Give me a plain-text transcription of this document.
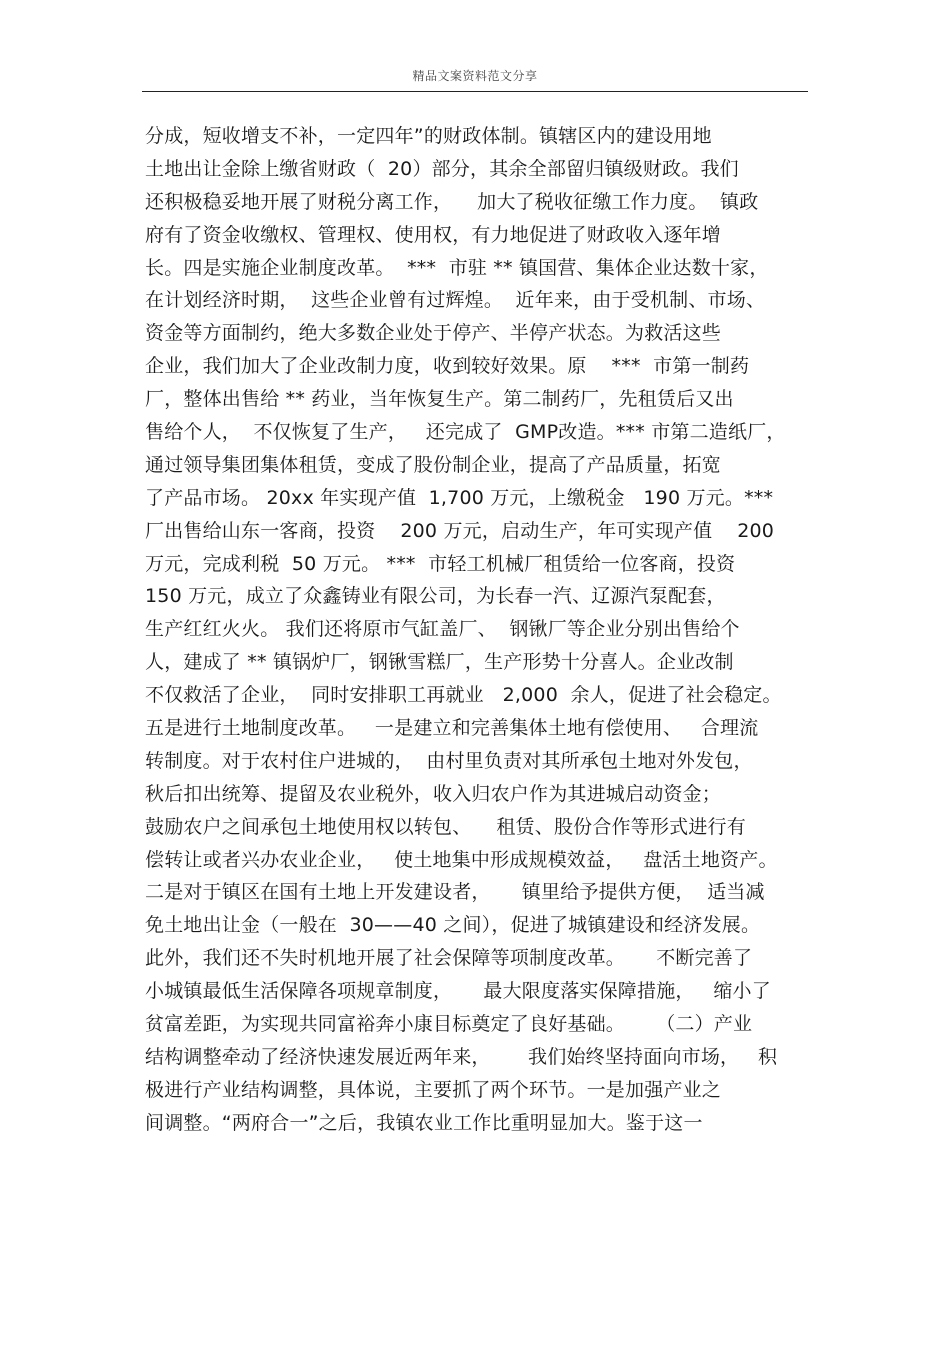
精品文案资料范文分享
分成，短收增支不补，一定四年”的财政体制。镇辖区内的建设用地
土地出让金除上缴省财政（  20）部分，其余全部留归镇级财政。我们
还积极稳妥地开展了财税分离工作，    加大了税收征缴工作力度。  镇政
府有了资金收缴权、管理权、使用权，有力地促进了财政收入逐年增
长。四是实施企业制度改革。  ***  市驻 ** 镇国营、集体企业达数十家，
在计划经济时期，  这些企业曾有过辉煌。  近年来，由于受机制、市场、
资金等方面制约，绝大多数企业处于停产、半停产状态。为救活这些
企业，我们加大了企业改制力度，收到较好效果。原    ***  市第一制药
厂，整体出售给 ** 药业，当年恢复生产。第二制药厂，先租赁后又出
售给个人，  不仅恢复了生产，   还完成了  GMP改造。*** 市第二造纸厂，
通过领导集团集体租赁，变成了股份制企业，提高了产品质量，拓宽
了产品市场。 20xx 年实现产值  1,700 万元，上缴税金   190 万元。***
厂出售给山东一客商，投资    200 万元，启动生产，年可实现产值    200
万元，完成利税  50 万元。 ***  市轻工机械厂租赁给一位客商，投资
150 万元，成立了众鑫铸业有限公司，为长春一汽、辽源汽泵配套，
生产红红火火。 我们还将原市气缸盖厂、  钢锹厂等企业分别出售给个
人，建成了 ** 镇锅炉厂，钢锹雪糕厂，生产形势十分喜人。企业改制
不仅救活了企业，  同时安排职工再就业   2,000  余人，促进了社会稳定。
五是进行土地制度改革。   一是建立和完善集体土地有偿使用、   合理流
转制度。对于农村住户进城的，  由村里负责对其所承包土地对外发包，
秋后扣出统筹、提留及农业税外，收入归农户作为其进城启动资金；
鼓励农户之间承包土地使用权以转包、    租赁、股份合作等形式进行有
偿转让或者兴办农业企业，   使土地集中形成规模效益，   盘活土地资产。
二是对于镇区在国有土地上开发建设者，     镇里给予提供方便，  适当减
免土地出让金（一般在  30——40 之间），促进了城镇建设和经济发展。
此外，我们还不失时机地开展了社会保障等项制度改革。     不断完善了
小城镇最低生活保障各项规章制度，     最大限度落实保障措施，   缩小了
贫富差距，为实现共同富裕奔小康目标奠定了良好基础。     （二）产业
结构调整牵动了经济快速发展近两年来，      我们始终坚持面向市场，   积
极进行产业结构调整，具体说，主要抓了两个环节。一是加强产业之
间调整。“两府合一”之后，我镇农业工作比重明显加大。鉴于这一
